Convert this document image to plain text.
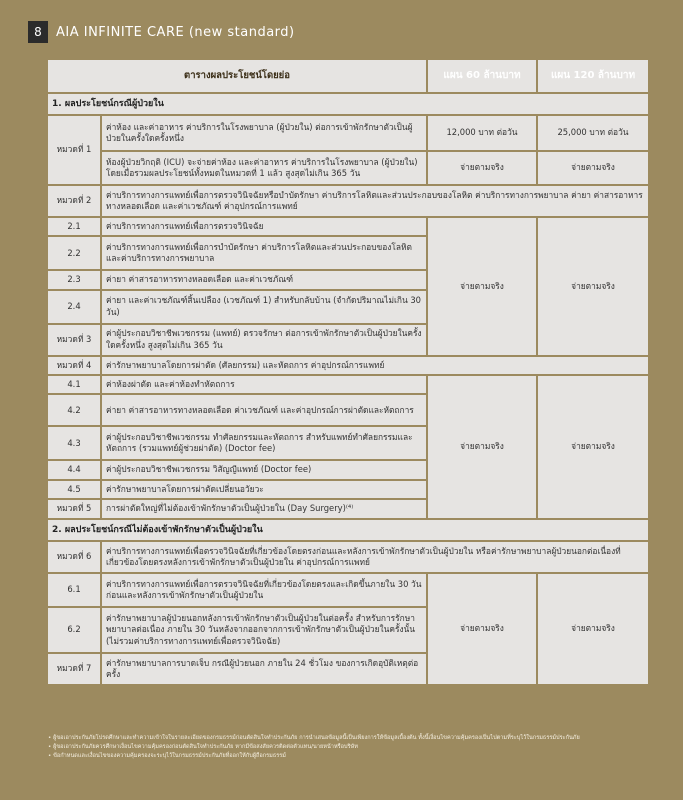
8	AIA INFINITE CARE (new standard)
ตารางผลประโยชน์โดยย่อ		แผน 60 ล้านบาท	แผน 120 ล้านบาท
1. ผลประโยชน์กรณีผู้ป่วยใน			
หมวดที่ 1	ค่าห้อง และค่าอาหาร ค่าบริการในโรงพยาบาล (ผู้ป่วยใน) ต่อการเข้าพักรักษาตัวเป็นผู้ป่วยในครั้งใดครั้งหนึ่ง	12,000 บาท ต่อวัน	25,000 บาท ต่อวัน
	ห้องผู้ป่วยวิกฤติ (ICU) จะจ่ายค่าห้อง และค่าอาหาร ค่าบริการในโรงพยาบาล (ผู้ป่วยใน) โดยเมื่อรวมผลประโยชน์ทั้งหมดในหมวดที่ 1 แล้ว สูงสุดไม่เกิน 365 วัน	จ่ายตามจริง	จ่ายตามจริง
หมวดที่ 2	ค่าบริการทางการแพทย์เพื่อการตรวจวินิจฉัยหรือบำบัดรักษา ค่าบริการโลหิตและส่วนประกอบของโลหิต ค่าบริการทางการพยาบาล ค่ายา ค่าสารอาหารทางหลอดเลือด และค่าเวชภัณฑ์ ค่าอุปกรณ์การแพทย์		
2.1	ค่าบริการทางการแพทย์เพื่อการตรวจวินิจฉัย	จ่ายตามจริง	จ่ายตามจริง
2.2	ค่าบริการทางการแพทย์เพื่อการบำบัดรักษา ค่าบริการโลหิตและส่วนประกอบของโลหิต และค่าบริการทางการพยาบาล		
2.3	ค่ายา ค่าสารอาหารทางหลอดเลือด และค่าเวชภัณฑ์		
2.4	ค่ายา และค่าเวชภัณฑ์สิ้นเปลือง (เวชภัณฑ์ 1) สำหรับกลับบ้าน (จำกัดปริมาณไม่เกิน 30 วัน)		
หมวดที่ 3	ค่าผู้ประกอบวิชาชีพเวชกรรม (แพทย์) ตรวจรักษา ต่อการเข้าพักรักษาตัวเป็นผู้ป่วยในครั้งใดครั้งหนึ่ง สูงสุดไม่เกิน 365 วัน		
หมวดที่ 4	ค่ารักษาพยาบาลโดยการผ่าตัด (ศัลยกรรม) และหัตถการ ค่าอุปกรณ์การแพทย์		
4.1	ค่าห้องผ่าตัด และค่าห้องทำหัตถการ	จ่ายตามจริง	จ่ายตามจริง
4.2	ค่ายา ค่าสารอาหารทางหลอดเลือด ค่าเวชภัณฑ์ และค่าอุปกรณ์การผ่าตัดและหัตถการ		
4.3	ค่าผู้ประกอบวิชาชีพเวชกรรม ทำศัลยกรรมและหัตถการ สำหรับแพทย์ทำศัลยกรรมและหัตถการ (รวมแพทย์ผู้ช่วยผ่าตัด) (Doctor fee)		
4.4	ค่าผู้ประกอบวิชาชีพเวชกรรม วิสัญญีแพทย์ (Doctor fee)		
4.5	ค่ารักษาพยาบาลโดยการผ่าตัดเปลี่ยนอวัยวะ		
หมวดที่ 5	การผ่าตัดใหญ่ที่ไม่ต้องเข้าพักรักษาตัวเป็นผู้ป่วยใน (Day Surgery)⁽⁴⁾		
2. ผลประโยชน์กรณีไม่ต้องเข้าพักรักษาตัวเป็นผู้ป่วยใน			
หมวดที่ 6	ค่าบริการทางการแพทย์เพื่อตรวจวินิจฉัยที่เกี่ยวข้องโดยตรงก่อนและหลังการเข้าพักรักษาตัวเป็นผู้ป่วยใน หรือค่ารักษาพยาบาลผู้ป่วยนอกต่อเนื่องที่เกี่ยวข้องโดยตรงหลังการเข้าพักรักษาตัวเป็นผู้ป่วยใน ค่าอุปกรณ์การแพทย์		
6.1	ค่าบริการทางการแพทย์เพื่อการตรวจวินิจฉัยที่เกี่ยวข้องโดยตรงและเกิดขึ้นภายใน 30 วันก่อนและหลังการเข้าพักรักษาตัวเป็นผู้ป่วยใน	จ่ายตามจริง	จ่ายตามจริง
6.2	ค่ารักษาพยาบาลผู้ป่วยนอกหลังการเข้าพักรักษาตัวเป็นผู้ป่วยในต่อครั้ง สำหรับการรักษาพยาบาลต่อเนื่อง ภายใน 30 วันหลังจากออกจากการเข้าพักรักษาตัวเป็นผู้ป่วยในครั้งนั้น (ไม่รวมค่าบริการทางการแพทย์เพื่อตรวจวินิจฉัย)		
หมวดที่ 7	ค่ารักษาพยาบาลการบาดเจ็บ กรณีผู้ป่วยนอก ภายใน 24 ชั่วโมง ของการเกิดอุบัติเหตุต่อครั้ง		
• ผู้ขอเอาประกันภัยโปรดศึกษาและทำความเข้าใจในรายละเอียดของกรมธรรม์ก่อนตัดสินใจทำประกันภัย การนำเสนอข้อมูลนี้เป็นเพียงการให้ข้อมูลเบื้องต้น ทั้งนี้เงื่อนไขความคุ้มครองเป็นไปตามที่ระบุไว้ในกรมธรรม์ประกันภัย
• ผู้ขอเอาประกันภัยควรศึกษาเงื่อนไขความคุ้มครองก่อนตัดสินใจทำประกันภัย หากมีข้อสงสัยควรติดต่อตัวแทน/นายหน้าหรือบริษัท
• ข้อกำหนดและเงื่อนไขของความคุ้มครองจะระบุไว้ในกรมธรรม์ประกันภัยที่ออกให้กับผู้ถือกรมธรรม์
